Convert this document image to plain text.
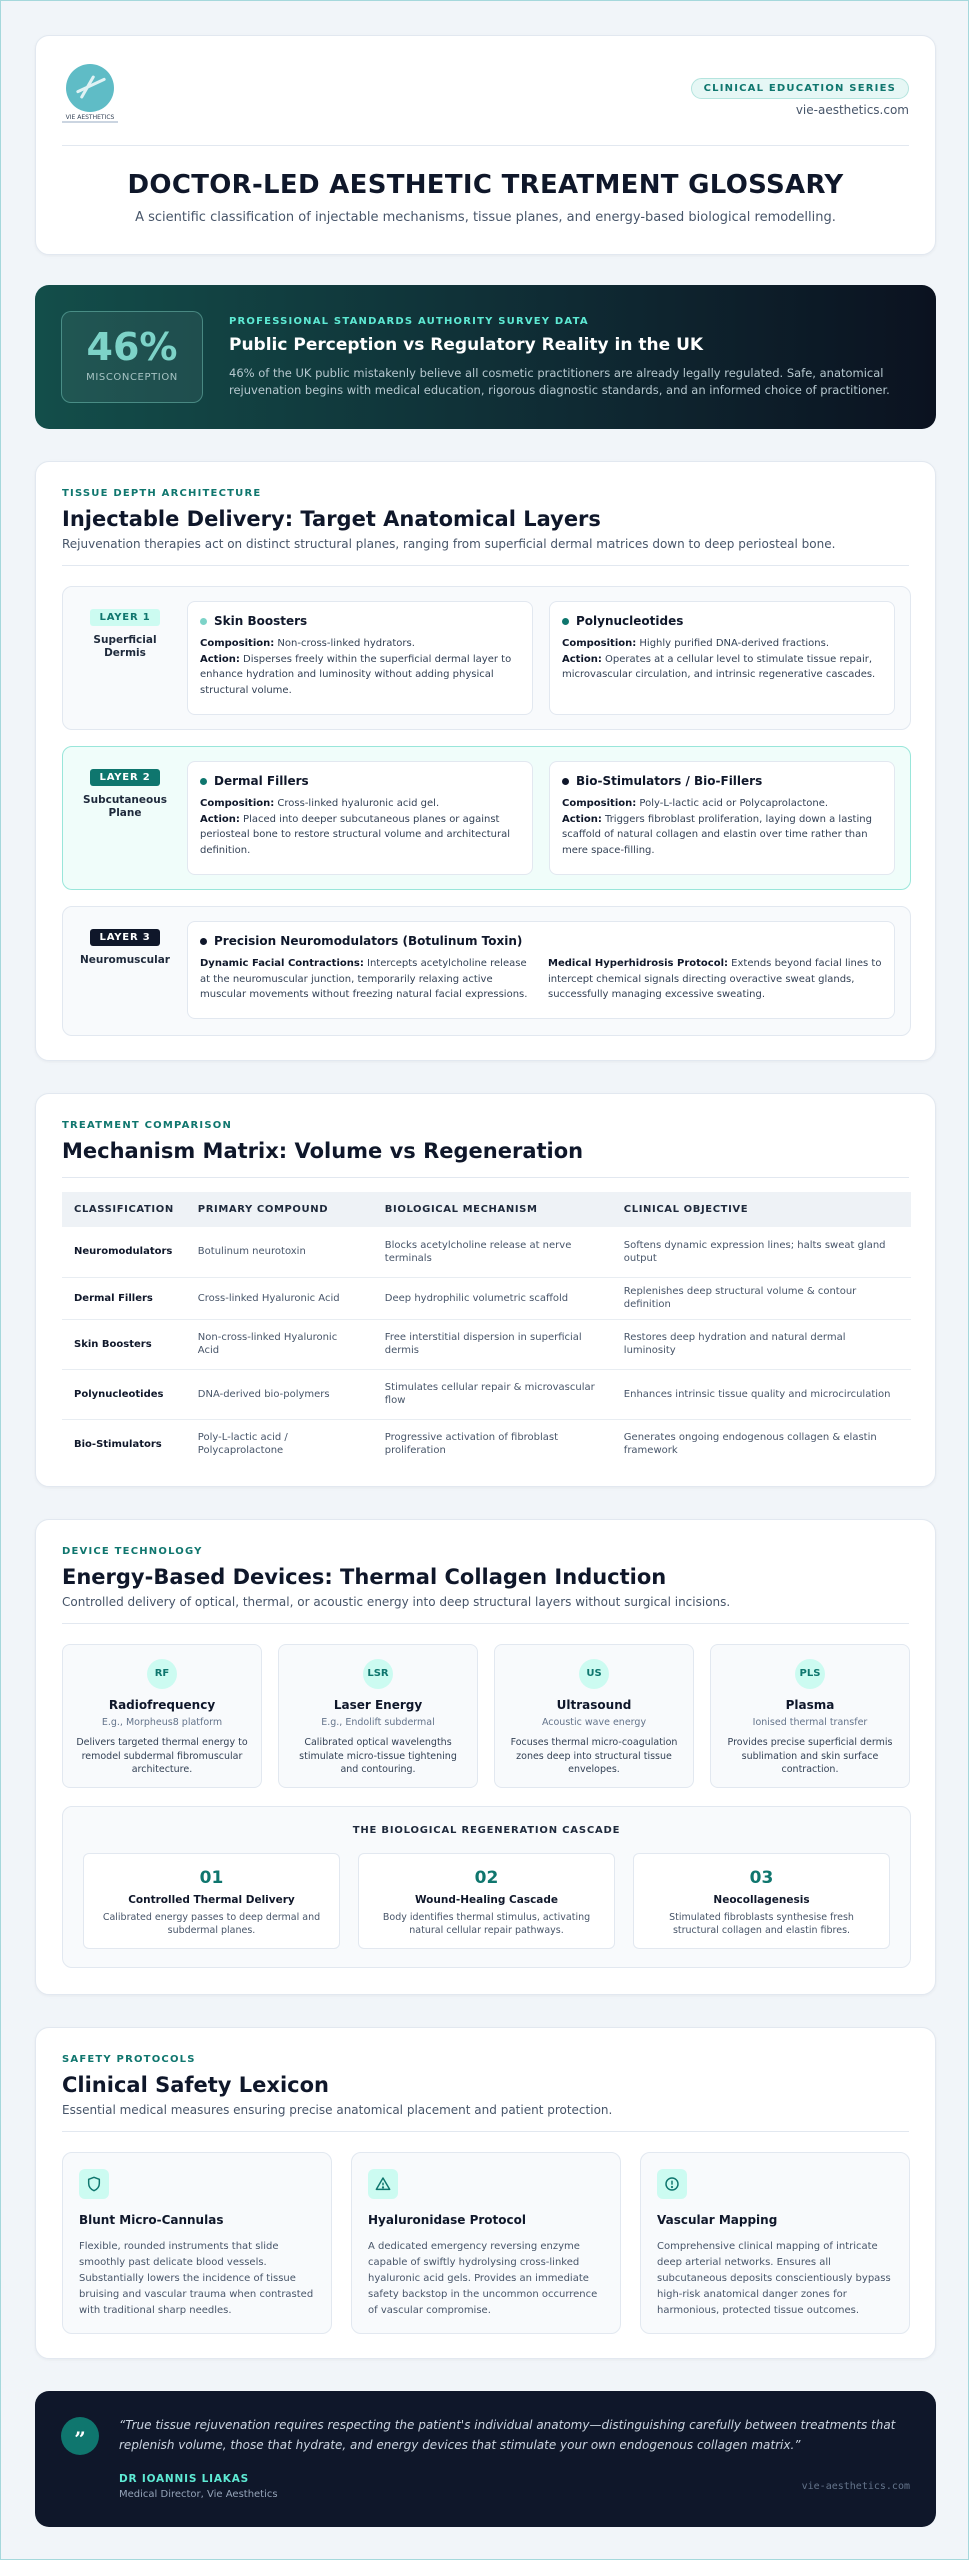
VIE AESTHETICS
CLINICAL EDUCATION SERIES
vie-aesthetics.com
DOCTOR-LED AESTHETIC TREATMENT GLOSSARY

A scientific classification of injectable mechanisms, tissue planes, and energy-based biological remodelling.

46%
MISCONCEPTION
PROFESSIONAL STANDARDS AUTHORITY SURVEY DATA
Public Perception vs Regulatory Reality in the UK
46% of the UK public mistakenly believe all cosmetic practitioners are already legally regulated. Safe, anatomical rejuvenation begins with medical education, rigorous diagnostic standards, and an informed choice of practitioner.
TISSUE DEPTH ARCHITECTURE
Injectable Delivery: Target Anatomical Layers

Rejuvenation therapies act on distinct structural planes, ranging from superficial dermal matrices down to deep periosteal bone.

LAYER 1
Superficial Dermis
Skin Boosters
Composition: Non-cross-linked hydrators.
Action: Disperses freely within the superficial dermal layer to enhance hydration and luminosity without adding physical structural volume.
Polynucleotides
Composition: Highly purified DNA-derived fractions.
Action: Operates at a cellular level to stimulate tissue repair, microvascular circulation, and intrinsic regenerative cascades.
LAYER 2
Subcutaneous Plane
Dermal Fillers
Composition: Cross-linked hyaluronic acid gel.
Action: Placed into deeper subcutaneous planes or against periosteal bone to restore structural volume and architectural definition.
Bio-Stimulators / Bio-Fillers
Composition: Poly-L-lactic acid or Polycaprolactone.
Action: Triggers fibroblast proliferation, laying down a lasting scaffold of natural collagen and elastin over time rather than mere space-filling.
LAYER 3
Neuromuscular
Precision Neuromodulators (Botulinum Toxin)
Dynamic Facial Contractions: Intercepts acetylcholine release at the neuromuscular junction, temporarily relaxing active muscular movements without freezing natural facial expressions.
Medical Hyperhidrosis Protocol: Extends beyond facial lines to intercept chemical signals directing overactive sweat glands, successfully managing excessive sweating.
TREATMENT COMPARISON
Mechanism Matrix: Volume vs Regeneration
CLASSIFICATION	PRIMARY COMPOUND	BIOLOGICAL MECHANISM	CLINICAL OBJECTIVE
Neuromodulators	Botulinum neurotoxin	Blocks acetylcholine release at nerve terminals	Softens dynamic expression lines; halts sweat gland output
Dermal Fillers	Cross-linked Hyaluronic Acid	Deep hydrophilic volumetric scaffold	Replenishes deep structural volume & contour definition
Skin Boosters	Non-cross-linked Hyaluronic Acid	Free interstitial dispersion in superficial dermis	Restores deep hydration and natural dermal luminosity
Polynucleotides	DNA-derived bio-polymers	Stimulates cellular repair & microvascular flow	Enhances intrinsic tissue quality and microcirculation
Bio-Stimulators	Poly-L-lactic acid / Polycaprolactone	Progressive activation of fibroblast proliferation	Generates ongoing endogenous collagen & elastin framework
DEVICE TECHNOLOGY
Energy-Based Devices: Thermal Collagen Induction

Controlled delivery of optical, thermal, or acoustic energy into deep structural layers without surgical incisions.

RF
Radiofrequency
E.g., Morpheus8 platform
Delivers targeted thermal energy to remodel subdermal fibromuscular architecture.
LSR
Laser Energy
E.g., Endolift subdermal
Calibrated optical wavelengths stimulate micro-tissue tightening and contouring.
US
Ultrasound
Acoustic wave energy
Focuses thermal micro-coagulation zones deep into structural tissue envelopes.
PLS
Plasma
Ionised thermal transfer
Provides precise superficial dermis sublimation and skin surface contraction.
THE BIOLOGICAL REGENERATION CASCADE
01
Controlled Thermal Delivery
Calibrated energy passes to deep dermal and subdermal planes.
02
Wound-Healing Cascade
Body identifies thermal stimulus, activating natural cellular repair pathways.
03
Neocollagenesis
Stimulated fibroblasts synthesise fresh structural collagen and elastin fibres.
SAFETY PROTOCOLS
Clinical Safety Lexicon

Essential medical measures ensuring precise anatomical placement and patient protection.

Blunt Micro-Cannulas
Flexible, rounded instruments that slide smoothly past delicate blood vessels. Substantially lowers the incidence of tissue bruising and vascular trauma when contrasted with traditional sharp needles.
Hyaluronidase Protocol
A dedicated emergency reversing enzyme capable of swiftly hydrolysing cross-linked hyaluronic acid gels. Provides an immediate safety backstop in the uncommon occurrence of vascular compromise.
Vascular Mapping
Comprehensive clinical mapping of intricate deep arterial networks. Ensures all subcutaneous deposits conscientiously bypass high-risk anatomical danger zones for harmonious, protected tissue outcomes.
”
“True tissue rejuvenation requires respecting the patient's individual anatomy—distinguishing carefully between treatments that replenish volume, those that hydrate, and energy devices that stimulate your own endogenous collagen matrix.”
DR IOANNIS LIAKAS
Medical Director, Vie Aesthetics
vie-aesthetics.com
